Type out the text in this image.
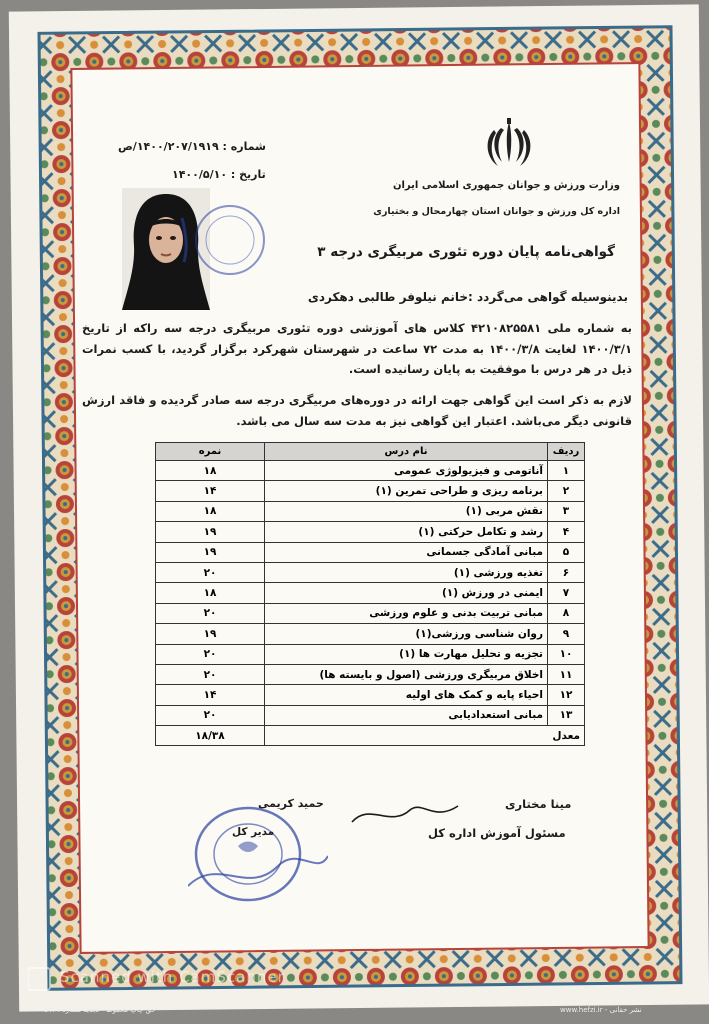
وزارت ورزش و جوانان جمهوری اسلامی ایران
اداره کل ورزش و جوانان استان چهارمحال و بختیاری
شماره : ۱۴۰۰/۲۰۷/۱۹۱۹/ص
تاریخ : ۱۴۰۰/۵/۱۰
گواهی‌نامه پایان دوره تئوری مربیگری درجه ۳
بدینوسیله گواهی می‌گردد :خانم نیلوفر طالبی دهکردی
به شماره ملی ۴۲۱۰۸۲۵۵۸۱ کلاس های آموزشی دوره تئوری مربیگری درجه سه راکه از تاریخ ۱۴۰۰/۳/۱ لغایت ۱۴۰۰/۳/۸ به مدت ۷۲ ساعت در شهرستان شهرکرد برگزار گردید، با کسب نمرات ذیل در هر درس با موفقیت به پایان رسانیده است.
لازم به ذکر است این گواهی جهت ارائه در دوره‌های مربیگری درجه سه صادر گردیده و فاقد ارزش قانونی دیگر می‌باشد. اعتبار این گواهی نیز به مدت سه سال می باشد.
ردیف	نام درس	نمره
۱	آناتومی و فیزیولوژی عمومی	۱۸
۲	برنامه ریزی و طراحی تمرین (۱)	۱۴
۳	نقش مربی (۱)	۱۸
۴	رشد و تکامل حرکتی (۱)	۱۹
۵	مبانی آمادگی جسمانی	۱۹
۶	تغذیه ورزشی (۱)	۲۰
۷	ایمنی در ورزش (۱)	۱۸
۸	مبانی تربیت بدنی و علوم ورزشی	۲۰
۹	روان شناسی ورزشی(۱)	۱۹
۱۰	تجزیه و تحلیل مهارت ها (۱)	۲۰
۱۱	اخلاق مربیگری ورزشی (اصول و بایسته ها)	۲۰
۱۲	احیاء پایه و کمک های اولیه	۱۴
۱۳	مبانی استعدادیابی	۲۰
معدل		۱۸/۳۸
مینا مختاری
مسئول آموزش اداره کل
حمید کریمی
مدیر کل
Scanned with CamScanner
حق چاپ محفوظ - تجدید شماره : ۵۹۱	نشر حقانی - www.hefzi.ir
